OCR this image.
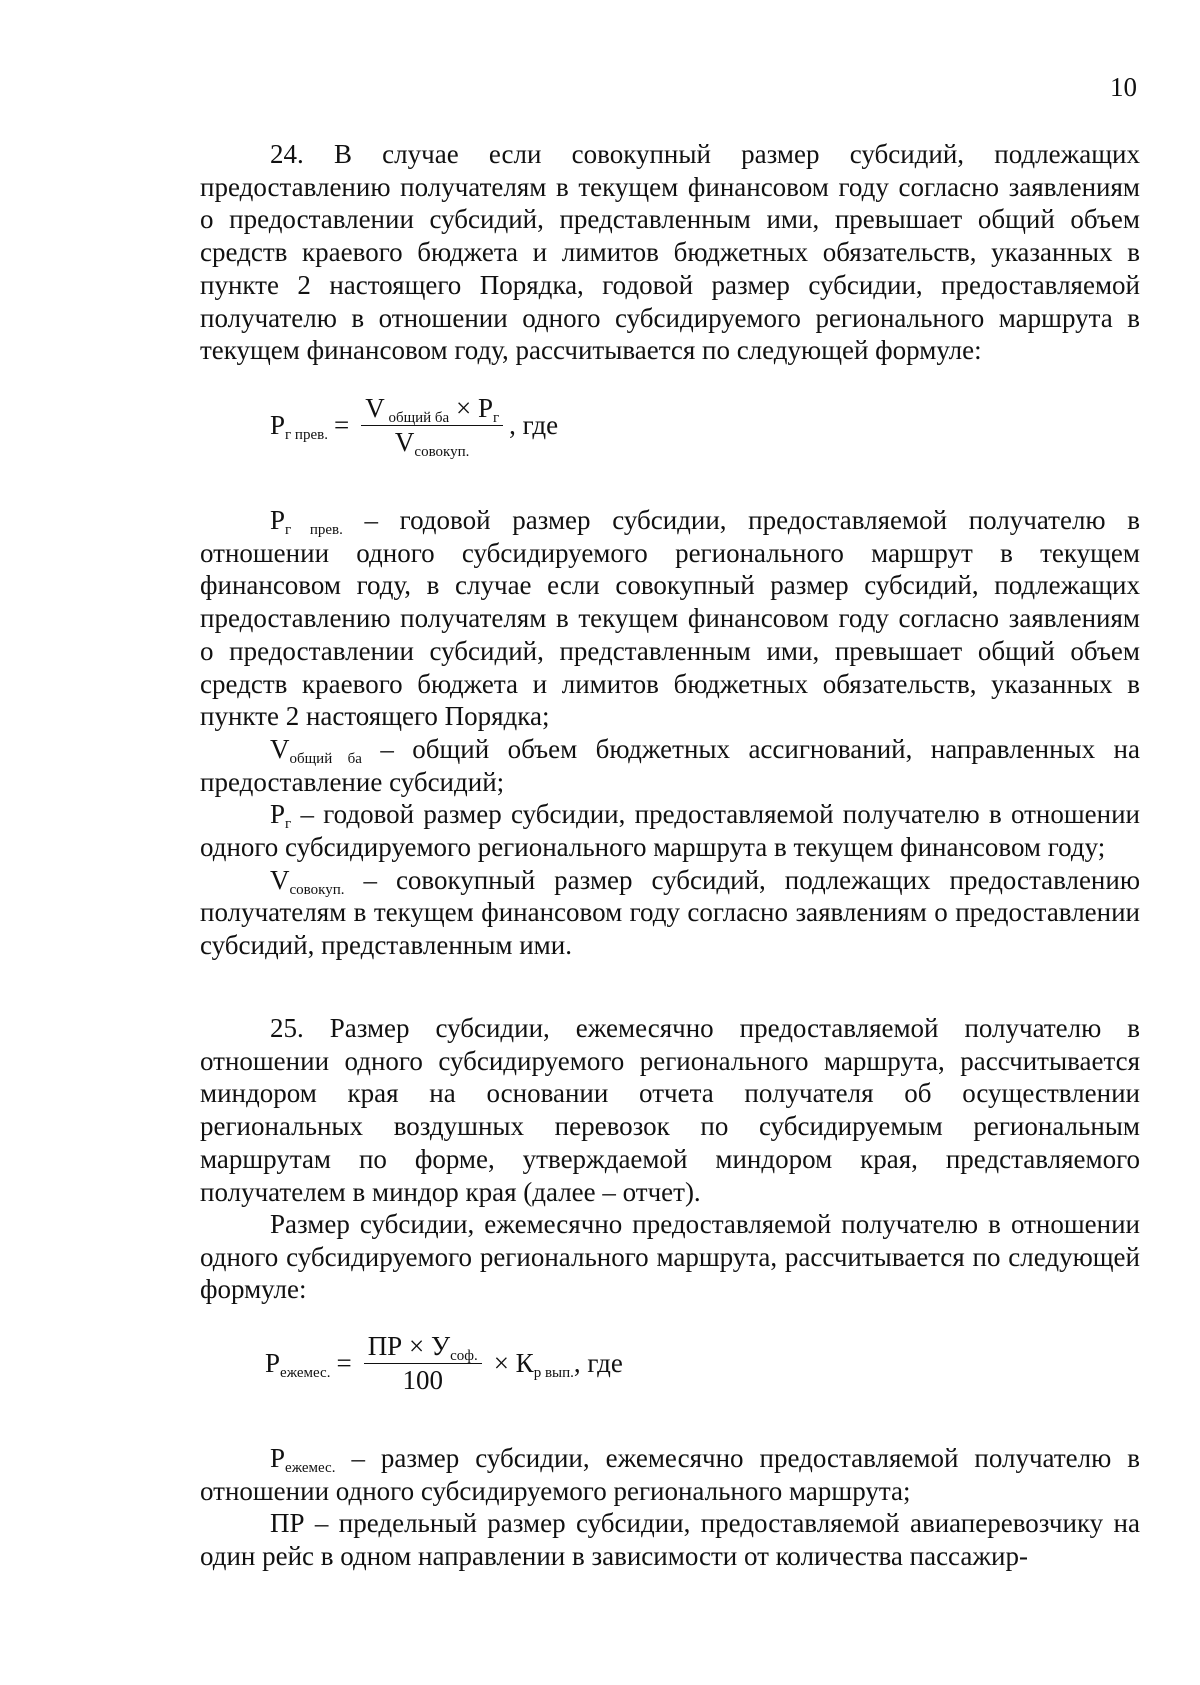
10
24. В случае если совокупный размер субсидий, подлежащих предоставлению получателям в текущем финансовом году согласно заявлениям о предоставлении субсидий, представленным ими, превышает общий объем средств краевого бюджета и лимитов бюджетных обязательств, указанных в пункте 2 настоящего Порядка, годовой размер субсидии, предоставляемой получателю в отношении одного субсидируемого регионального маршрута в текущем финансовом году, рассчитывается по следующей формуле:
$Р_{г прев.} = \frac{V _{общий ба} \times Р_г}{V_{совокуп.}}$ , где
$Р_{г прев.}$ – годовой размер субсидии, предоставляемой получателю в отношении одного субсидируемого регионального маршрут в текущем финансовом году, в случае если совокупный размер субсидий, подлежащих предоставлению получателям в текущем финансовом году согласно заявлениям о предоставлении субсидий, представленным ими, превышает общий объем средств краевого бюджета и лимитов бюджетных обязательств, указанных в пункте 2 настоящего Порядка;
$V_{общий ба}$ – общий объем бюджетных ассигнований, направленных на предоставление субсидий;
$Р_г$ – годовой размер субсидии, предоставляемой получателю в отношении одного субсидируемого регионального маршрута в текущем финансовом году;
$V_{совокуп.}$ – совокупный размер субсидий, подлежащих предоставлению получателям в текущем финансовом году согласно заявлениям о предоставлении субсидий, представленным ими.
25. Размер субсидии, ежемесячно предоставляемой получателю в отношении одного субсидируемого регионального маршрута, рассчитывается миндором края на основании отчета получателя об осуществлении региональных воздушных перевозок по субсидируемым региональным маршрутам по форме, утверждаемой миндором края, представляемого получателем в миндор края (далее – отчет).
Размер субсидии, ежемесячно предоставляемой получателю в отношении одного субсидируемого регионального маршрута, рассчитывается по следующей формуле:
$Р_{ежемес.} = \frac{ПР \times У_{соф.}}{100} \times К_{р вып.}$ , где
$Р_{ежемес.}$ – размер субсидии, ежемесячно предоставляемой получателю в отношении одного субсидируемого регионального маршрута;
ПР – предельный размер субсидии, предоставляемой авиаперевозчику на один рейс в одном направлении в зависимости от количества пассажир-
